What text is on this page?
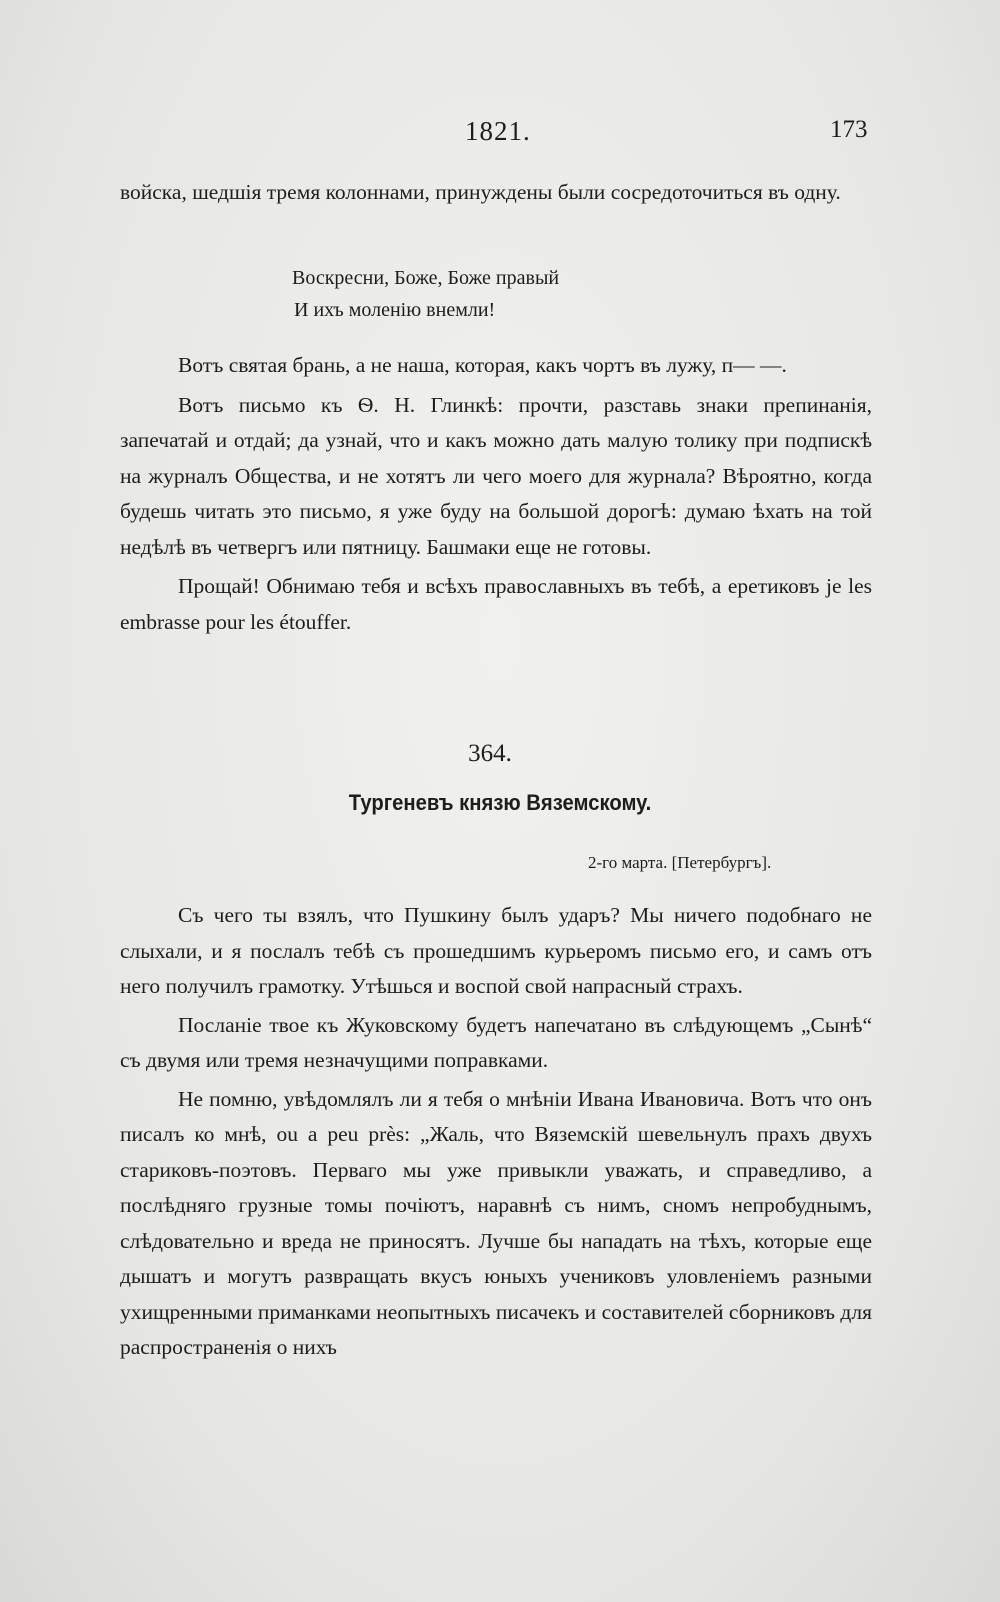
1821.	173

войска, шедшія тремя колоннами, принуждены были сосредоточиться въ одну.

Воскресни, Боже, Боже правый
И ихъ моленію внемли!

Вотъ святая брань, а не наша, которая, какъ чортъ въ лужу, п— —.

Вотъ письмо къ Ѳ. Н. Глинкѣ: прочти, разставь знаки препинанія, запечатай и отдай; да узнай, что и какъ можно дать малую толику при подпискѣ на журналъ Общества, и не хотятъ ли чего моего для журнала? Вѣроятно, когда будешь читать это письмо, я уже буду на большой дорогѣ: думаю ѣхать на той недѣлѣ въ четвергъ или пятницу. Башмаки еще не готовы.

Прощай! Обнимаю тебя и всѣхъ православныхъ въ тебѣ, а еретиковъ je les embrasse pour les étouffer.

364.
Тургеневъ князю Вяземскому.
2-го марта. [Петербургъ].

Съ чего ты взялъ, что Пушкину былъ ударъ? Мы ничего подобнаго не слыхали, и я послалъ тебѣ съ прошедшимъ курьеромъ письмо его, и самъ отъ него получилъ грамотку. Утѣшься и воспой свой напрасный страхъ.

Посланіе твое къ Жуковскому будетъ напечатано въ слѣдующемъ „Сынѣ“ съ двумя или тремя незначущими поправками.

Не помню, увѣдомлялъ ли я тебя о мнѣніи Ивана Ивановича. Вотъ что онъ писалъ ко мнѣ, ou a peu près: „Жаль, что Вяземскій шевельнулъ прахъ двухъ стариковъ-поэтовъ. Перваго мы уже привыкли уважать, и справедливо, а послѣдняго грузные томы почіютъ, наравнѣ съ нимъ, сномъ непробуднымъ, слѣдовательно и вреда не приносятъ. Лучше бы нападать на тѣхъ, которые еще дышатъ и могутъ развращать вкусъ юныхъ учениковъ уловленіемъ разными ухищренными приманками неопытныхъ писачекъ и составителей сборниковъ для распространенія о нихъ
